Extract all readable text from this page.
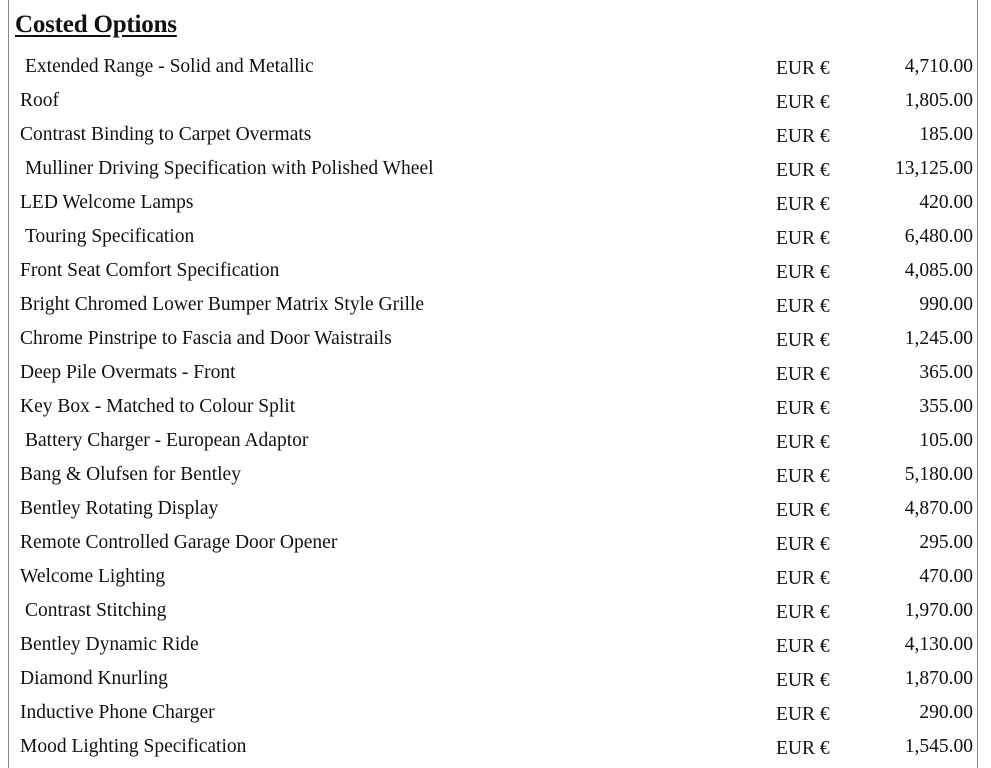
Costed Options
Extended Range - Solid and Metallic	EUR €	4,710.00
Roof	EUR €	1,805.00
Contrast Binding to Carpet Overmats	EUR €	185.00
Mulliner Driving Specification with Polished Wheel	EUR €	13,125.00
LED Welcome Lamps	EUR €	420.00
Touring Specification	EUR €	6,480.00
Front Seat Comfort Specification	EUR €	4,085.00
Bright Chromed Lower Bumper Matrix Style Grille	EUR €	990.00
Chrome Pinstripe to Fascia and Door Waistrails	EUR €	1,245.00
Deep Pile Overmats - Front	EUR €	365.00
Key Box - Matched to Colour Split	EUR €	355.00
Battery Charger - European Adaptor	EUR €	105.00
Bang & Olufsen for Bentley	EUR €	5,180.00
Bentley Rotating Display	EUR €	4,870.00
Remote Controlled Garage Door Opener	EUR €	295.00
Welcome Lighting	EUR €	470.00
Contrast Stitching	EUR €	1,970.00
Bentley Dynamic Ride	EUR €	4,130.00
Diamond Knurling	EUR €	1,870.00
Inductive Phone Charger	EUR €	290.00
Mood Lighting Specification	EUR €	1,545.00
